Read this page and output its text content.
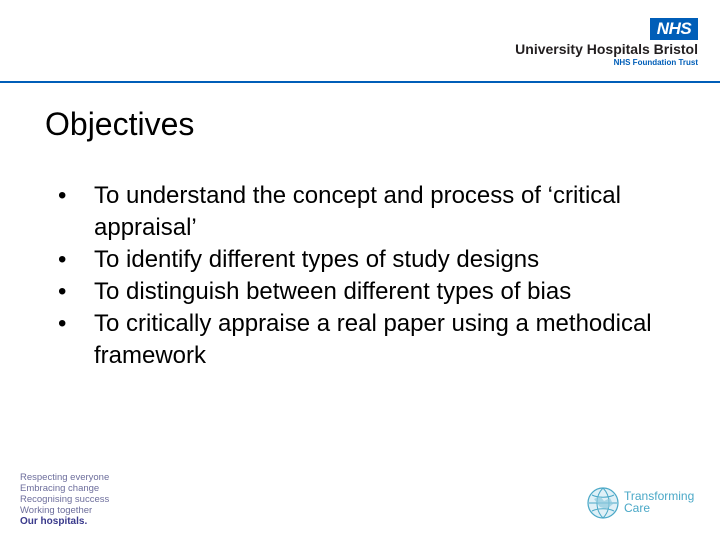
NHS
University Hospitals Bristol
NHS Foundation Trust
Objectives
• To understand the concept and process of ‘critical appraisal’
• To identify different types of study designs
• To distinguish between different types of bias
• To critically appraise a real paper using a methodical framework
Respecting everyone
Embracing change
Recognising success
Working together
Our hospitals.
Transforming
Care
